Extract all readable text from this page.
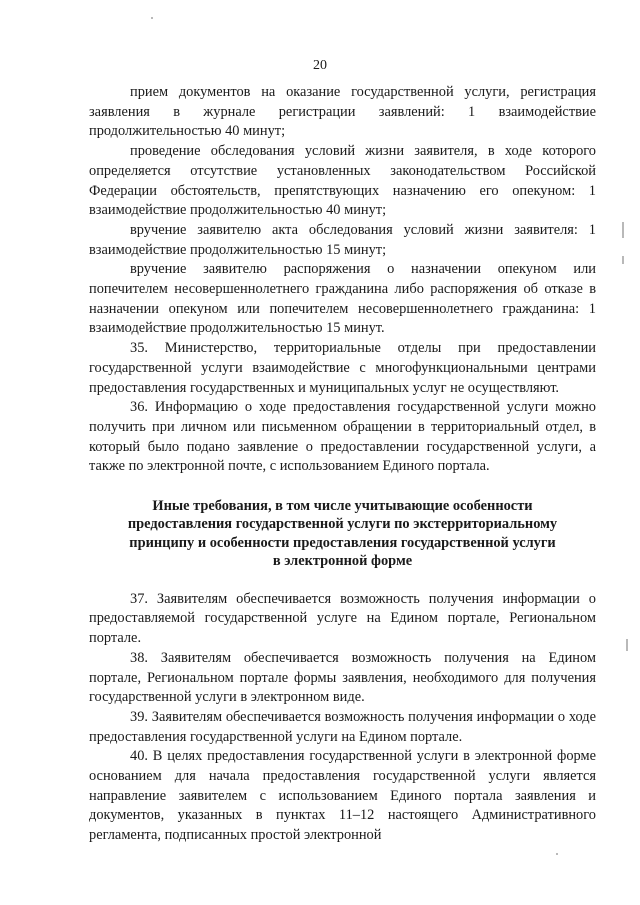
20

прием документов на оказание государственной услуги, регистрация заявления в журнале регистрации заявлений: 1 взаимодействие продолжительностью 40 минут;

проведение обследования условий жизни заявителя, в ходе которого определяется отсутствие установленных законодательством Российской Федерации обстоятельств, препятствующих назначению его опекуном: 1 взаимодействие продолжительностью 40 минут;

вручение заявителю акта обследования условий жизни заявителя: 1 взаимодействие продолжительностью 15 минут;

вручение заявителю распоряжения о назначении опекуном или попечителем несовершеннолетнего гражданина либо распоряжения об отказе в назначении опекуном или попечителем несовершеннолетнего гражданина: 1 взаимодействие продолжительностью 15 минут.

35. Министерство, территориальные отделы при предоставлении государственной услуги взаимодействие с многофункциональными центрами предоставления государственных и муниципальных услуг не осуществляют.

36. Информацию о ходе предоставления государственной услуги можно получить при личном или письменном обращении в территориальный отдел, в который было подано заявление о предоставлении государственной услуги, а также по электронной почте, с использованием Единого портала.

Иные требования, в том числе учитывающие особенности
предоставления государственной услуги по экстерриториальному
принципу и особенности предоставления государственной услуги
в электронной форме

37. Заявителям обеспечивается возможность получения информации о предоставляемой государственной услуге на Едином портале, Региональном портале.

38. Заявителям обеспечивается возможность получения на Едином портале, Региональном портале формы заявления, необходимого для получения государственной услуги в электронном виде.

39. Заявителям обеспечивается возможность получения информации о ходе предоставления государственной услуги на Едином портале.

40. В целях предоставления государственной услуги в электронной форме основанием для начала предоставления государственной услуги является направление заявителем с использованием Единого портала заявления и документов, указанных в пунктах 11–12 настоящего Административного регламента, подписанных простой электронной
